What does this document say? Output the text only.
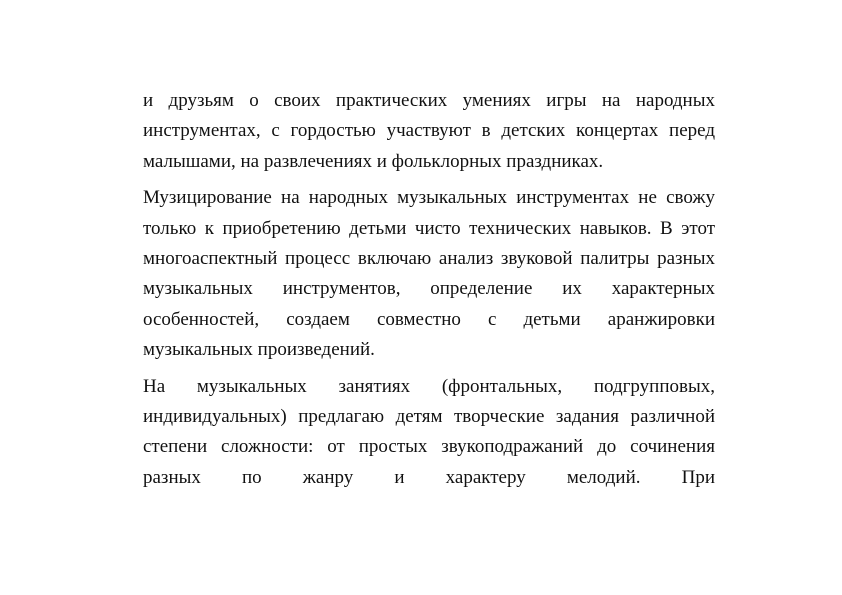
и друзьям о своих практических умениях игры на народных инструментах, с гордостью участвуют в детских концертах перед малышами, на развлечениях и фольклорных праздниках.

Музицирование на народных музыкальных инструментах не свожу только к приобретению детьми чисто технических навыков. В этот многоаспектный процесс включаю анализ звуковой палитры разных музыкальных инструментов, определение их характерных особенностей, создаем совместно с детьми аранжировки музыкальных произведений.

На музыкальных занятиях (фронтальных, подгрупповых, индивидуальных) предлагаю детям творческие задания различной степени сложности: от простых звукоподражаний до сочинения разных по жанру и характеру мелодий. При
